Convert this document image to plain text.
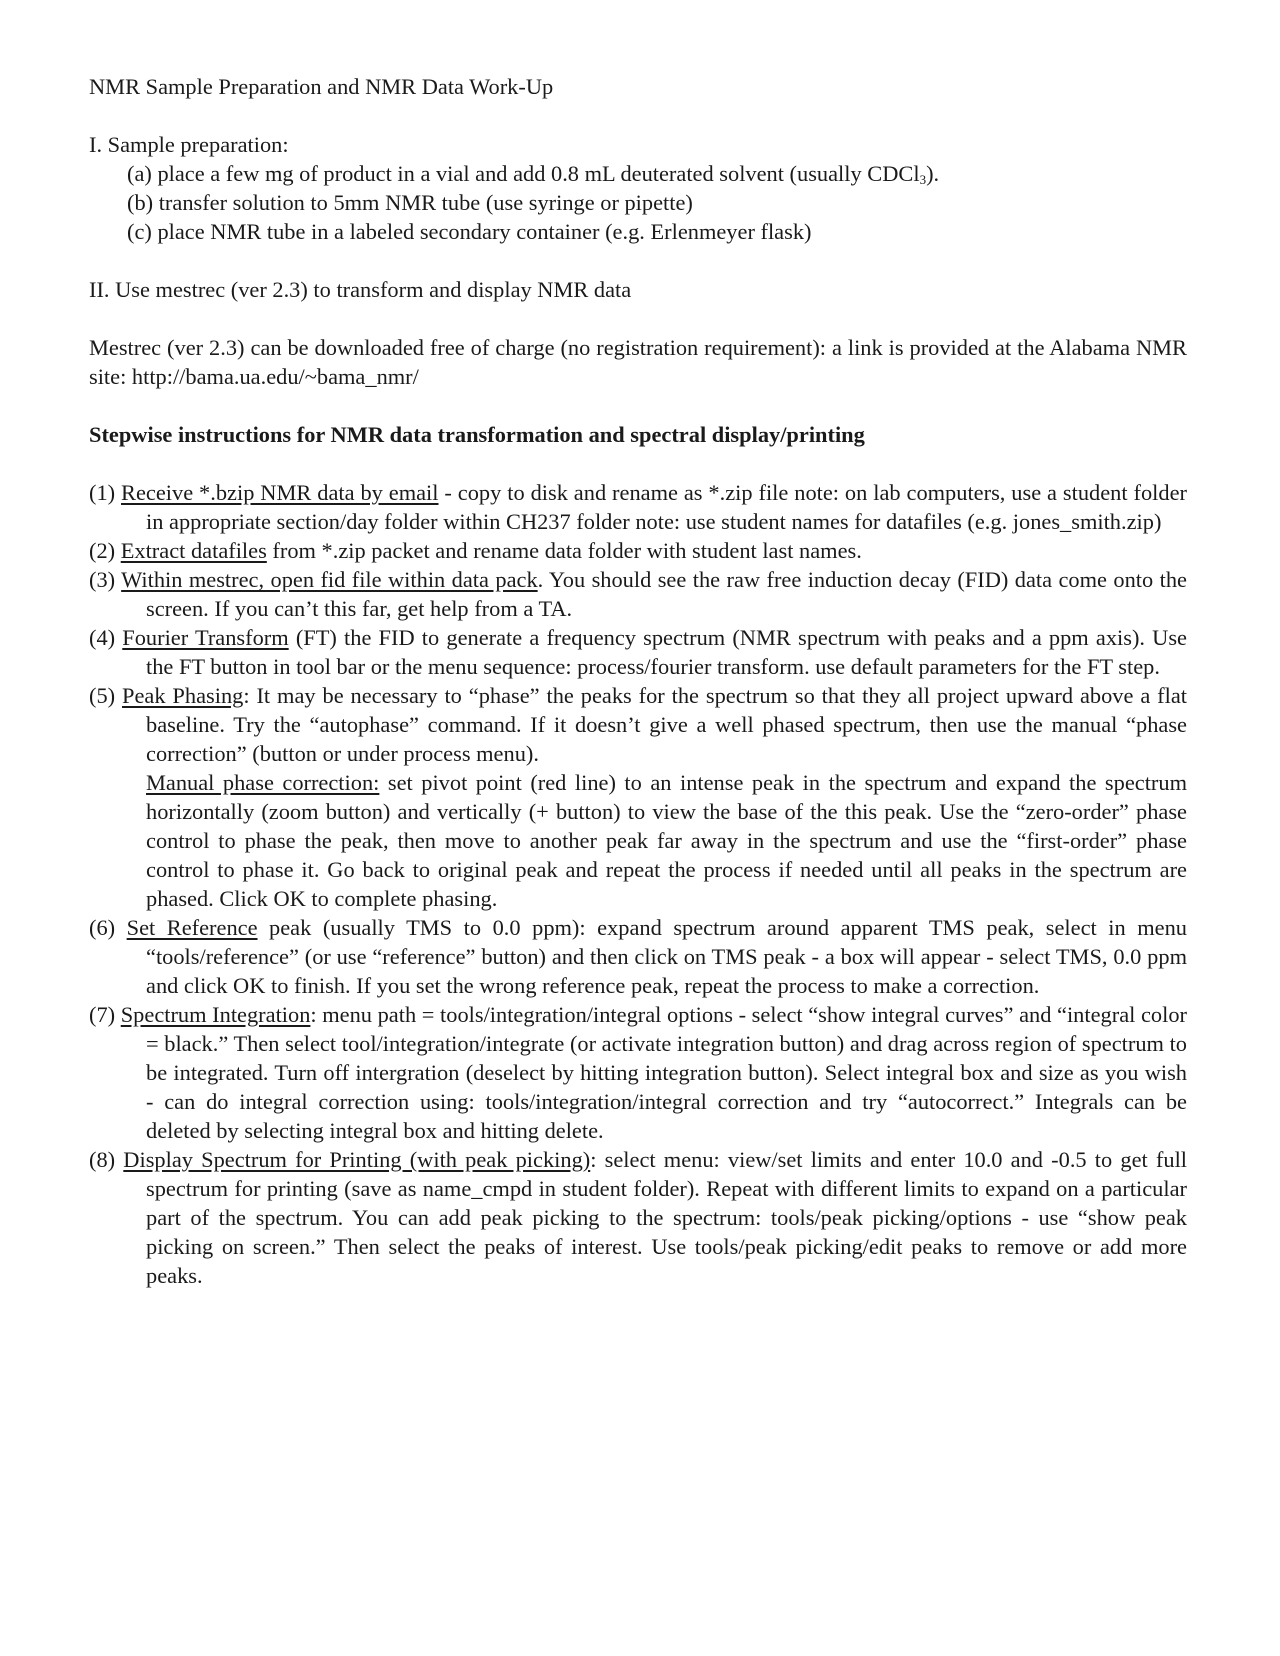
NMR Sample Preparation and NMR Data Work-Up
I. Sample preparation:
(a) place a few mg of product in a vial and add 0.8 mL deuterated solvent (usually CDCl$_3$).
(b) transfer solution to 5mm NMR tube (use syringe or pipette)
(c) place NMR tube in a labeled secondary container (e.g. Erlenmeyer flask)
II. Use mestrec (ver 2.3) to transform and display NMR data
Mestrec (ver 2.3) can be downloaded free of charge (no registration requirement): a link is provided at the Alabama NMR site: http://bama.ua.edu/~bama_nmr/
Stepwise instructions for NMR data transformation and spectral display/printing
(1) Receive *.bzip NMR data by email - copy to disk and rename as *.zip file note: on lab computers, use a student folder in appropriate section/day folder within CH237 folder note: use student names for datafiles (e.g. jones_smith.zip)
(2) Extract datafiles from *.zip packet and rename data folder with student last names.
(3) Within mestrec, open fid file within data pack. You should see the raw free induction decay (FID) data come onto the screen. If you can’t this far, get help from a TA.
(4) Fourier Transform (FT) the FID to generate a frequency spectrum (NMR spectrum with peaks and a ppm axis). Use the FT button in tool bar or the menu sequence: process/fourier transform. use default parameters for the FT step.
(5) Peak Phasing: It may be necessary to “phase” the peaks for the spectrum so that they all project upward above a flat baseline. Try the “autophase” command. If it doesn’t give a well phased spectrum, then use the manual “phase correction” (button or under process menu).
Manual phase correction: set pivot point (red line) to an intense peak in the spectrum and expand the spectrum horizontally (zoom button) and vertically (+ button) to view the base of the this peak. Use the “zero-order” phase control to phase the peak, then move to another peak far away in the spectrum and use the “first-order” phase control to phase it. Go back to original peak and repeat the process if needed until all peaks in the spectrum are phased. Click OK to complete phasing.
(6) Set Reference peak (usually TMS to 0.0 ppm): expand spectrum around apparent TMS peak, select in menu “tools/reference” (or use “reference” button) and then click on TMS peak - a box will appear - select TMS, 0.0 ppm and click OK to finish. If you set the wrong reference peak, repeat the process to make a correction.
(7) Spectrum Integration: menu path = tools/integration/integral options - select “show integral curves” and “integral color = black.” Then select tool/integration/integrate (or activate integration button) and drag across region of spectrum to be integrated. Turn off intergration (deselect by hitting integration button). Select integral box and size as you wish - can do integral correction using: tools/integration/integral correction and try “autocorrect.” Integrals can be deleted by selecting integral box and hitting delete.
(8) Display Spectrum for Printing (with peak picking): select menu: view/set limits and enter 10.0 and -0.5 to get full spectrum for printing (save as name_cmpd in student folder). Repeat with different limits to expand on a particular part of the spectrum. You can add peak picking to the spectrum: tools/peak picking/options - use “show peak picking on screen.” Then select the peaks of interest. Use tools/peak picking/edit peaks to remove or add more peaks.
